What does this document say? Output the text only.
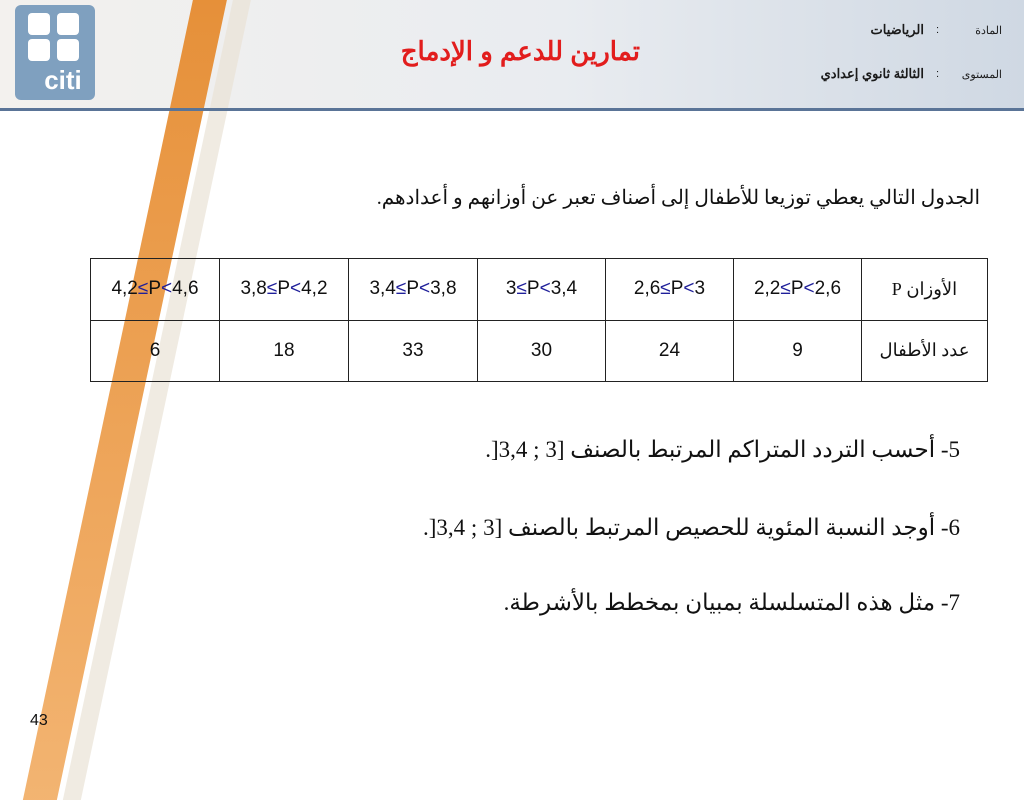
citi
تمارين للدعم و الإدماج
المادة
:
الرياضيات
المستوى
:
الثالثة ثانوي إعدادي
الجدول التالي يعطي توزيعا للأطفال إلى أصناف تعبر عن أوزانهم و أعدادهم.
4,2≤P<4,6	3,8≤P<4,2	3,4≤P<3,8	3≤P<3,4	2,6≤P<3	2,2≤P<2,6	الأوزان P
6	18	33	30	24	9	عدد الأطفال
5- أحسب التردد المتراكم المرتبط بالصنف [3 ; 3,4[.
6- أوجد النسبة المئوية للحصيص المرتبط بالصنف [3 ; 3,4[.
7- مثل هذه المتسلسلة بمبيان بمخطط بالأشرطة.
43
